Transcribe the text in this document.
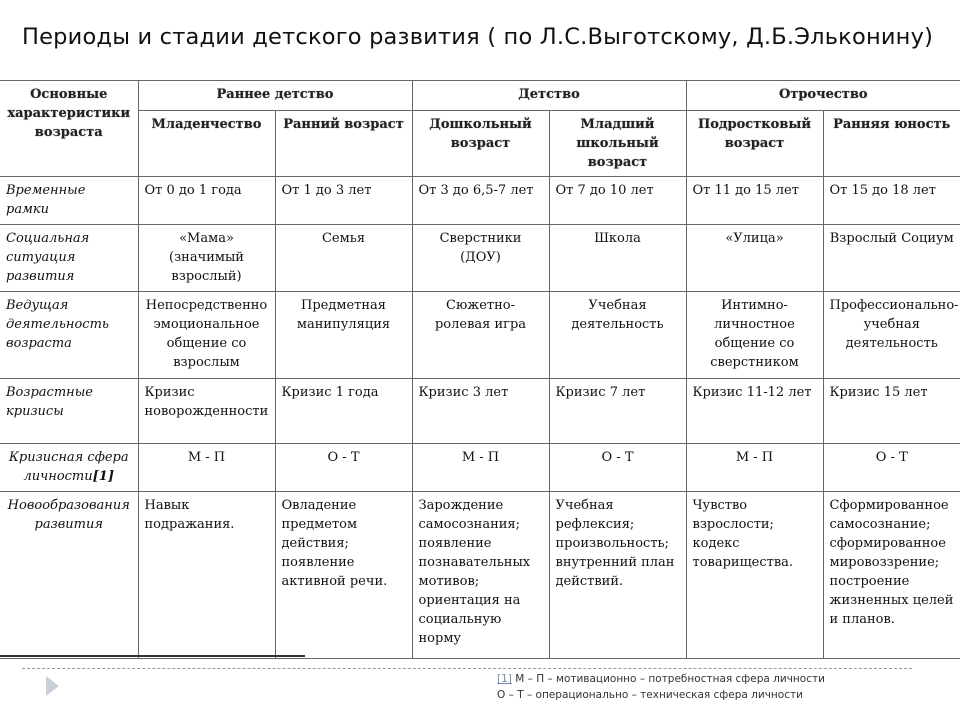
Периоды и стадии детского развития ( по Л.С.Выготскому, Д.Б.Эльконину)
Основные характеристики возраста	Раннее детство		Детство		Отрочество	
	Младенчество	Ранний возраст	Дошкольный возраст	Младший школьный возраст	Подростковый возраст	Ранняя юность
Временные рамки	От 0 до 1 года	От 1 до 3 лет	От 3 до 6,5-7 лет	От 7 до 10 лет	От 11 до 15 лет	От 15 до 18 лет
Социальная ситуация развития	«Мама» (значимый взрослый)	Семья	Сверстники (ДОУ)	Школа	«Улица»	Взрослый Социум
Ведущая деятельность возраста	Непосредственно эмоциональное общение со взрослым	Предметная манипуляция	Сюжетно-ролевая игра	Учебная деятельность	Интимно-личностное общение со сверстником	Профессионально-учебная деятельность
Возрастные кризисы	Кризис новорожденности	Кризис 1 года	Кризис 3 лет	Кризис 7 лет	Кризис 11-12 лет	Кризис 15 лет
Кризисная сфера личности[1]	М - П	О - Т	М - П	О - Т	М - П	О - Т
Новообразования развития	Навык подражания.	Овладение предметом действия; появление активной речи.	Зарождение самосознания; появление познавательных мотивов; ориентация на социальную норму	Учебная рефлексия; произвольность; внутренний план действий.	Чувство взрослости; кодекс товарищества.	Сформированное самосознание; сформированное мировоззрение; построение жизненных целей и планов.
[1] М – П – мотивационно – потребностная сфера личности
О – Т – операционально – техническая сфера личности
